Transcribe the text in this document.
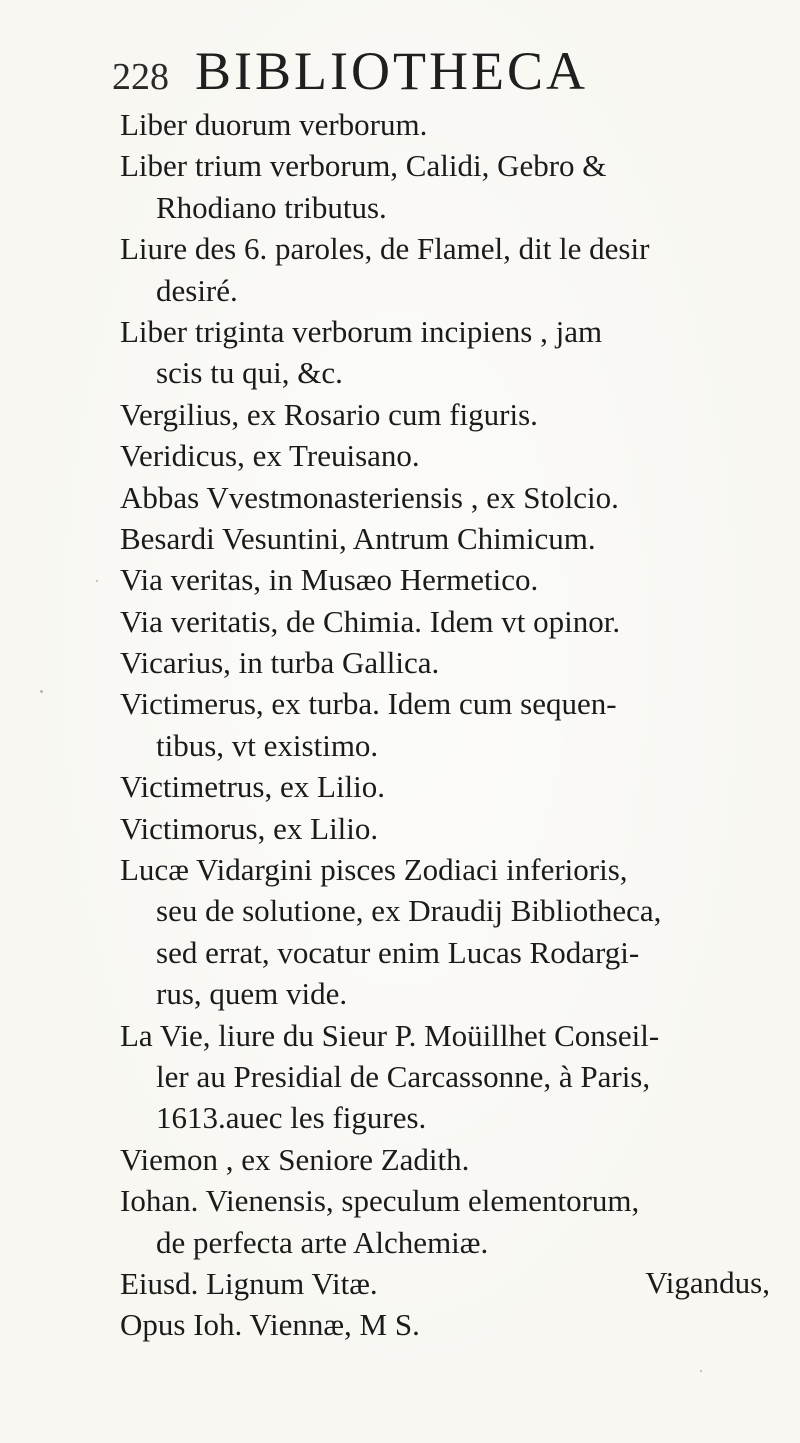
228 BIBLIOTHECA
Liber duorum verborum.
Liber trium verborum, Calidi, Gebro &
Rhodiano tributus.
Liure des 6. paroles, de Flamel, dit le desir
desiré.
Liber triginta verborum incipiens , jam
scis tu qui, &c.
Vergilius, ex Rosario cum figuris.
Veridicus, ex Treuisano.
Abbas Vvestmonasteriensis , ex Stolcio.
Besardi Vesuntini, Antrum Chimicum.
Via veritas, in Musæo Hermetico.
Via veritatis, de Chimia. Idem vt opinor.
Vicarius, in turba Gallica.
Victimerus, ex turba. Idem cum sequen-
tibus, vt existimo.
Victimetrus, ex Lilio.
Victimorus, ex Lilio.
Lucæ Vidargini pisces Zodiaci inferioris,
seu de solutione, ex Draudij Bibliotheca,
sed errat, vocatur enim Lucas Rodargi-
rus, quem vide.
La Vie, liure du Sieur P. Moüillhet Conseil-
ler au Presidial de Carcassonne, à Paris,
1613.auec les figures.
Viemon , ex Seniore Zadith.
Iohan. Vienensis, speculum elementorum,
de perfecta arte Alchemiæ.
Eiusd. Lignum Vitæ.
Opus Ioh. Viennæ, M S.
Vigandus,
